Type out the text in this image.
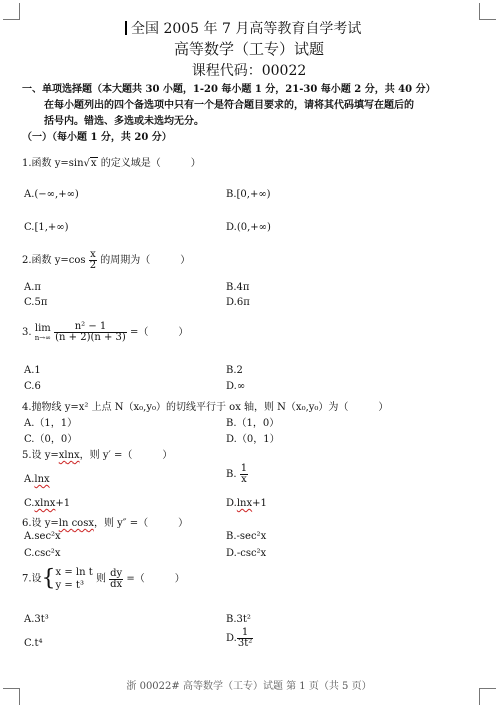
全国 2005 年 7 月高等教育自学考试
高等数学（工专）试题
课程代码：00022
一、单项选择题（本大题共 30 小题，1-20 每小题 1 分，21-30 每小题 2 分，共 40 分）
在每小题列出的四个备选项中只有一个是符合题目要求的，请将其代码填写在题后的
括号内。错选、多选或未选均无分。
（一）（每小题 1 分，共 20 分）
1.函数 y=sin√x 的定义域是（　　　）
A.(−∞,+∞)	B.[0,+∞)
C.[1,+∞)	D.(0,+∞)
2.函数 $y=\cos \frac{x}{2}$ 的周期为（　　　）
A.π	B.4π
C.5π	D.6π
3. lim
n→∞
$\frac{\text{n² − 1}}{(n + 2)(n + 3)}$ =（　　　）
A.1	B.2
C.6	D.∞
4.抛物线 y=x² 上点 N（x₀,y₀）的切线平行于 ox 轴，则 N（x₀,y₀）为（　　　）
A.（1，1）	B.（1，0）
C.（0，0）	D.（0，1）
5.设 y=xlnx，则 y′ =（　　　）
A.lnx	B. $\frac{1}{x}$
C.xlnx+1	D.lnx+1
6.设 y=ln cosx，则 y″ =（　　　）
A.sec²x	B.-sec²x
C.csc²x	D.-csc²x
7.设{ x = ln t
y = t³
则 $\frac{dy}{dx}$ =（　　　）
A.3t³	B.3t²
C.t⁴	D. $\frac{1}{\text{3t²}}$
浙 00022# 高等数学（工专）试题 第 1 页（共 5 页）
